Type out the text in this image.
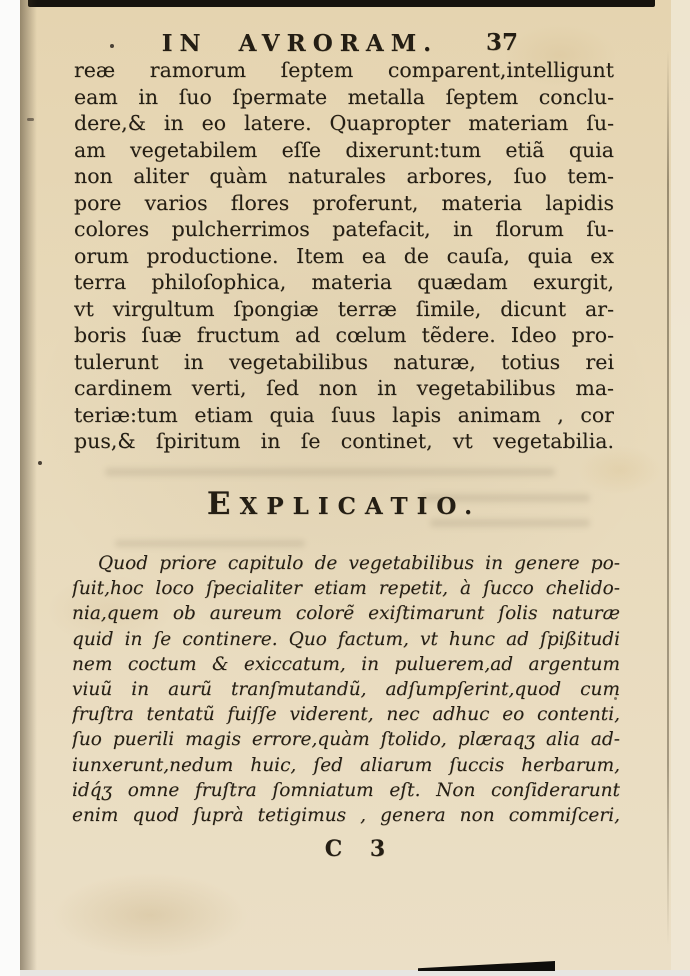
IN AVRORAM.	37
reæ ramorum ſeptem comparent,intelligunt
eam in ſuo ſpermate metalla ſeptem conclu-
dere,& in eo latere. Quapropter materiam ſu-
am vegetabilem eſſe dixerunt:tum etiã quia
non aliter quàm naturales arbores, ſuo tem-
pore varios flores proferunt, materia lapidis
colores pulcherrimos patefacit, in florum ſu-
orum productione. Item ea de cauſa, quia ex
terra philoſophica, materia quædam exurgit,
vt virgultum ſpongiæ terræ ſimile, dicunt ar-
boris ſuæ fructum ad cœlum tẽdere. Ideo pro-
tulerunt in vegetabilibus naturæ, totius rei
cardinem verti, ſed non in vegetabilibus ma-
teriæ:tum etiam quia ſuus lapis animam , cor
pus,& ſpiritum in ſe continet, vt vegetabilia.
EXPLICATIO.
Quod priore capitulo de vegetabilibus in genere po-
ſuit,hoc loco ſpecialiter etiam repetit, à ſucco chelido-
nia,quem ob aureum colorẽ exiſtimarunt ſolis naturæ
quid in ſe continere. Quo factum, vt hunc ad ſpißitudi
nem coctum & exiccatum, in puluerem,ad argentum
viuũ in aurũ tranſmutandũ, adſumpſerint,quod cum
fruſtra tentatũ fuiſſe viderent, nec adhuc eo contenti,
ſuo puerili magis errore,quàm ſtolido, plæraqʒ alia ad-
iunxerunt,nedum huic, ſed aliarum ſuccis herbarum,
idq́ʒ omne fruſtra ſomniatum eſt. Non conſiderarunt
enim quod ſuprà tetigimus , genera non commiſceri,
C 3
